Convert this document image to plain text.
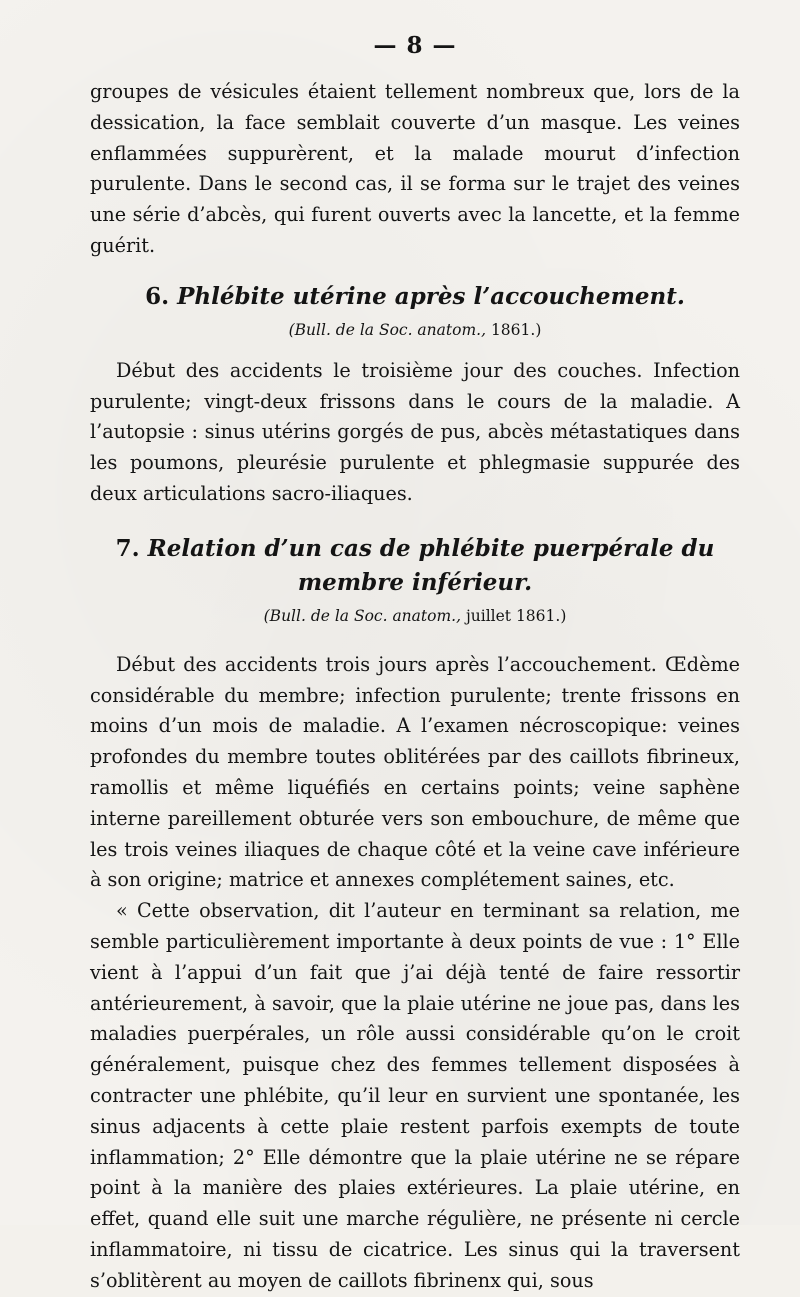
— 8 —

groupes de vésicules étaient tellement nombreux que, lors de la dessication, la face semblait couverte d’un masque. Les veines enflammées suppurèrent, et la malade mourut d’infection purulente. Dans le second cas, il se forma sur le trajet des veines une série d’abcès, qui furent ouverts avec la lancette, et la femme guérit.

6. Phlébite utérine après l’accouchement.
(Bull. de la Soc. anatom., 1861.)

Début des accidents le troisième jour des couches. Infection purulente; vingt-deux frissons dans le cours de la maladie. A l’autopsie : sinus utérins gorgés de pus, abcès métastatiques dans les poumons, pleurésie purulente et phlegmasie suppurée des deux articulations sacro-iliaques.

7. Relation d’un cas de phlébite puerpérale du membre inférieur.
(Bull. de la Soc. anatom., juillet 1861.)

Début des accidents trois jours après l’accouchement. Œdème considérable du membre; infection purulente; trente frissons en moins d’un mois de maladie. A l’examen nécroscopique: veines profondes du membre toutes oblitérées par des caillots fibrineux, ramollis et même liquéfiés en certains points; veine saphène interne pareillement obturée vers son embouchure, de même que les trois veines iliaques de chaque côté et la veine cave inférieure à son origine; matrice et annexes complétement saines, etc.

« Cette observation, dit l’auteur en terminant sa relation, me semble particulièrement importante à deux points de vue : 1° Elle vient à l’appui d’un fait que j’ai déjà tenté de faire ressortir antérieurement, à savoir, que la plaie utérine ne joue pas, dans les maladies puerpérales, un rôle aussi considérable qu’on le croit généralement, puisque chez des femmes tellement disposées à contracter une phlébite, qu’il leur en survient une spontanée, les sinus adjacents à cette plaie restent parfois exempts de toute inflammation; 2° Elle démontre que la plaie utérine ne se répare point à la manière des plaies extérieures. La plaie utérine, en effet, quand elle suit une marche régulière, ne présente ni cercle inflammatoire, ni tissu de cicatrice. Les sinus qui la traversent s’oblitèrent au moyen de caillots fibrinenx qui, sous
